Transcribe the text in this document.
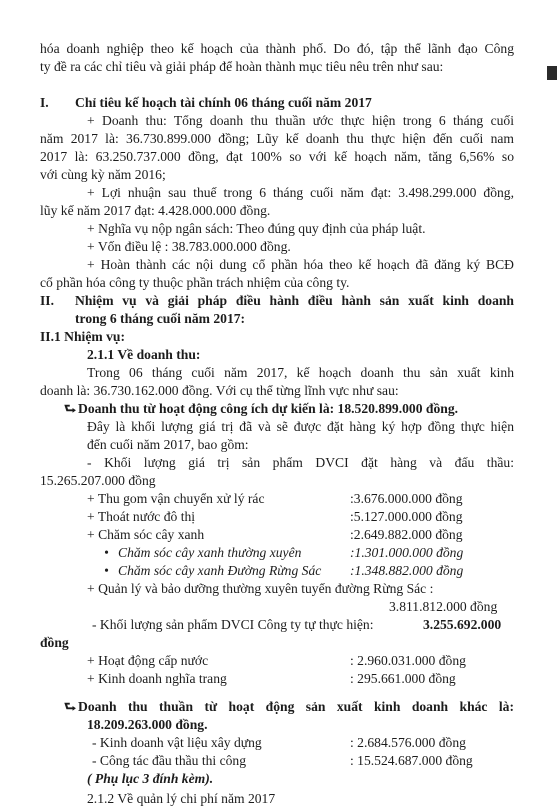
hóa doanh nghiệp theo kế hoạch của thành phố. Do đó, tập thể lãnh đạo Công
ty đề ra các chỉ tiêu và giải pháp để hoàn thành mục tiêu nêu trên như sau:
I. Chỉ tiêu kế hoạch tài chính 06 tháng cuối năm 2017
+ Doanh thu: Tổng doanh thu thuần ước thực hiện trong 6 tháng cuối
năm 2017 là: 36.730.899.000 đồng; Lũy kế doanh thu thực hiện đến cuối nam
2017 là: 63.250.737.000 đồng, đạt 100% so với kế hoạch năm, tăng 6,56% so
với cùng kỳ năm 2016;
+ Lợi nhuận sau thuế trong 6 tháng cuối năm đạt: 3.498.299.000 đồng,
lũy kế năm 2017 đạt: 4.428.000.000 đồng.
+ Nghĩa vụ nộp ngân sách: Theo đúng quy định của pháp luật.
+ Vốn điều lệ : 38.783.000.000 đồng.
+ Hoàn thành các nội dung cổ phần hóa theo kế hoạch đã đăng ký BCĐ
cổ phần hóa công ty thuộc phần trách nhiệm của công ty.
II. Nhiệm vụ và giải pháp điều hành điều hành sản xuất kinh doanh
trong 6 tháng cuối năm 2017:
II.1 Nhiệm vụ:
2.1.1 Về doanh thu:
Trong 06 tháng cuối năm 2017, kế hoạch doanh thu sản xuất kinh
doanh là: 36.730.162.000 đồng. Với cụ thể từng lĩnh vực như sau:
⮑ Doanh thu từ hoạt động công ích dự kiến là: 18.520.899.000 đồng.
Đây là khối lượng giá trị đã và sẽ được đặt hàng ký hợp đồng thực hiện
đến cuối năm 2017, bao gồm:
- Khối lượng giá trị sản phẩm DVCI đặt hàng và đấu thầu:
15.265.207.000 đồng
+ Thu gom vận chuyển xử lý rác	:3.676.000.000 đồng
+ Thoát nước đô thị	:5.127.000.000 đồng
+ Chăm sóc cây xanh	:2.649.882.000 đồng
• Chăm sóc cây xanh thường xuyên	:1.301.000.000 đồng
• Chăm sóc cây xanh Đường Rừng Sác :1.348.882.000 đồng
+ Quản lý và bảo dưỡng thường xuyên tuyến đường Rừng Sác :
3.811.812.000 đồng
- Khối lượng sản phẩm DVCI Công ty tự thực hiện:	3.255.692.000
đồng
+ Hoạt động cấp nước	: 2.960.031.000 đồng
+ Kinh doanh nghĩa trang	: 295.661.000 đồng
⮑ Doanh thu thuần từ hoạt động sản xuất kinh doanh khác là:
18.209.263.000 đồng.
- Kinh doanh vật liệu xây dựng	: 2.684.576.000 đồng
- Công tác đầu thầu thi công	: 15.524.687.000 đồng
( Phụ lục 3 đính kèm).
2.1.2 Về quản lý chi phí năm 2017
